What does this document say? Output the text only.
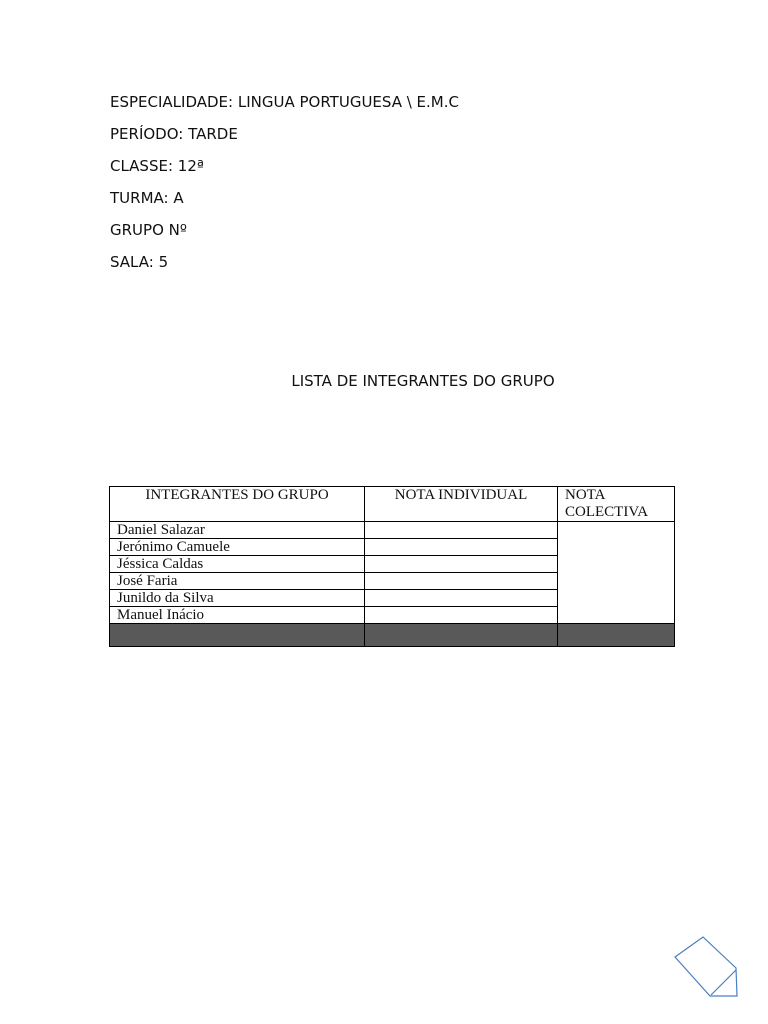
ESPECIALIDADE: LINGUA PORTUGUESA \ E.M.C
PERÍODO: TARDE
CLASSE: 12ª
TURMA: A
GRUPO Nº
SALA: 5
LISTA DE INTEGRANTES DO GRUPO
INTEGRANTES DO GRUPO	NOTA INDIVIDUAL	NOTA COLECTIVA
Daniel Salazar		
Jerónimo Camuele		
Jéssica Caldas		
José Faria		
Junildo da Silva		
Manuel Inácio		
